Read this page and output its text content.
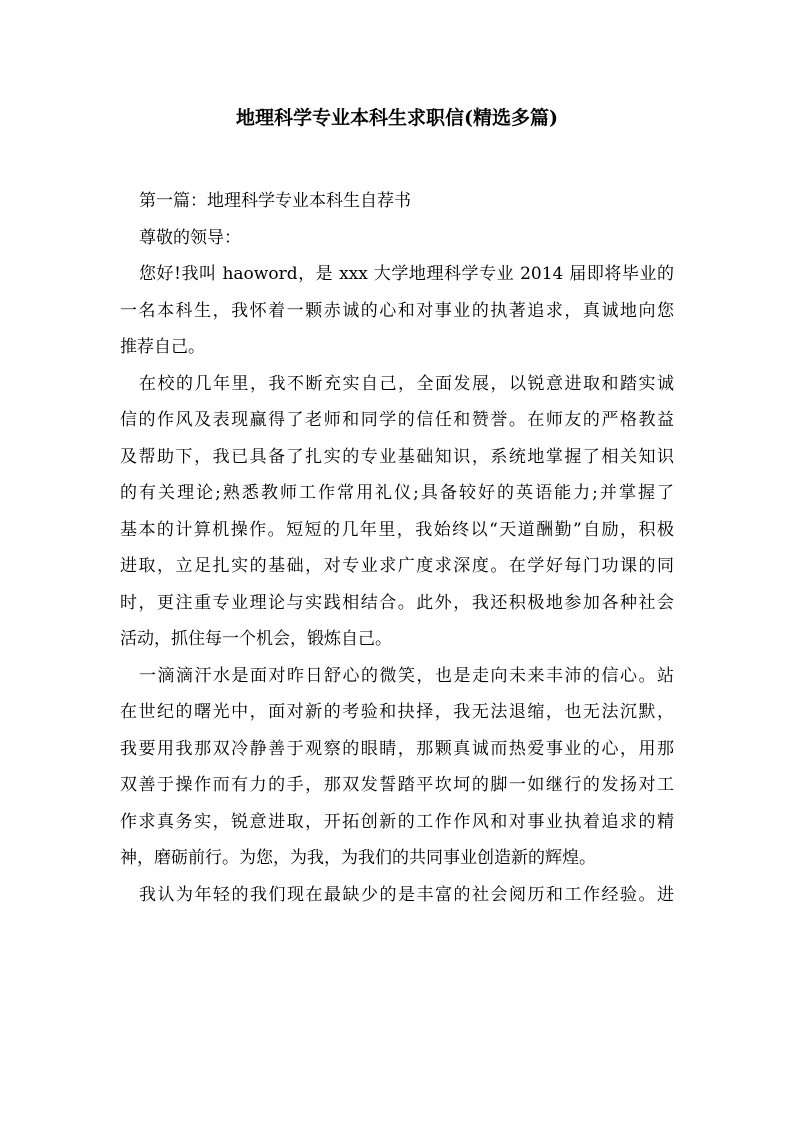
地理科学专业本科生求职信(精选多篇)
第一篇：地理科学专业本科生自荐书
尊敬的领导：
您好!我叫 haoword，是 xxx 大学地理科学专业 2014 届即将毕业的
一名本科生，我怀着一颗赤诚的心和对事业的执著追求，真诚地向您
推荐自己。
在校的几年里，我不断充实自己，全面发展，以锐意进取和踏实诚
信的作风及表现赢得了老师和同学的信任和赞誉。在师友的严格教益
及帮助下，我已具备了扎实的专业基础知识，系统地掌握了相关知识
的有关理论;熟悉教师工作常用礼仪;具备较好的英语能力;并掌握了
基本的计算机操作。短短的几年里，我始终以“天道酬勤”自励，积极
进取，立足扎实的基础，对专业求广度求深度。在学好每门功课的同
时，更注重专业理论与实践相结合。此外，我还积极地参加各种社会
活动，抓住每一个机会，锻炼自己。
一滴滴汗水是面对昨日舒心的微笑，也是走向未来丰沛的信心。站
在世纪的曙光中，面对新的考验和抉择，我无法退缩，也无法沉默，
我要用我那双冷静善于观察的眼睛，那颗真诚而热爱事业的心，用那
双善于操作而有力的手，那双发誓踏平坎坷的脚一如继行的发扬对工
作求真务实，锐意进取，开拓创新的工作作风和对事业执着追求的精
神，磨砺前行。为您，为我，为我们的共同事业创造新的辉煌。
我认为年轻的我们现在最缺少的是丰富的社会阅历和工作经验。进
